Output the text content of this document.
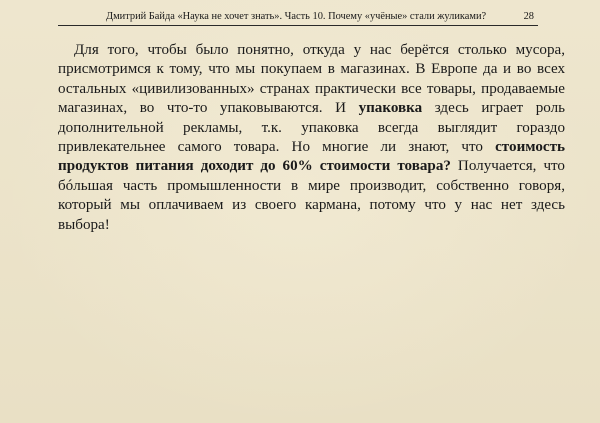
Дмитрий Байда «Наука не хочет знать». Часть 10. Почему «учёные» стали жуликами?	28
Для того, чтобы было понятно, откуда у нас берётся столько мусора,
присмотримся к тому, что мы покупаем в магазинах. В Европе да и во всех
остальных «цивилизованных» странах практически все товары, продаваемые
магазинах, во что-то упаковываются. И упаковка здесь играет роль
дополнительной рекламы, т.к. упаковка всегда выглядит гораздо
привлекательнее самого товара. Но многие ли знают, что стоимость
продуктов питания доходит до 60% стоимости товара? Получается, что
бóльшая часть промышленности в мире производит, собственно говоря,
который мы оплачиваем из своего кармана, потому что у нас нет здесь
выбора!
